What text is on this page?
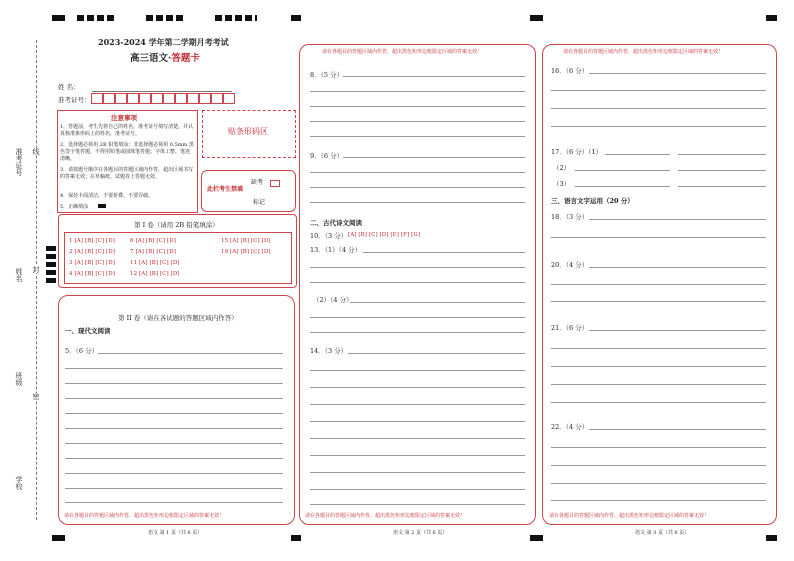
准考证号 线
姓名 封
班级
密
学校
2023-2024 学年第二学期月考考试
高三语文·答题卡
姓 名：
准考证号：
注意事项
1．答题前，考生先将自己的姓名，准考证号填写清楚，并认真核准条形码上的姓名、准考证号。
2．选择题必须用 2B 铅笔填涂；非选择题必须用 0.5mm 黑色签字笔答题，不得用铅笔或圆珠笔答题；字体工整、笔迹清晰。
3．请按题号顺序在各题目的答题区域内作答，超出区域书写的答案无效；在草稿纸、试题卷上答题无效。
4．保持卡面清洁，不要折叠、不要弄破。
5．正确填涂
贴条形码区
此栏考生禁填
缺考
标记
第 I 卷（请用 2B 铅笔填涂）
1 [A] [B] [C] [D]
2 [A] [B] [C] [D]
3 [A] [B] [C] [D]
4 [A] [B] [C] [D]
6 [A] [B] [C] [D]
7 [A] [B] [C] [D]
11 [A] [B] [C] [D]
12 [A] [B] [C] [D]
15 [A] [B] [C] [D]
19 [A] [B] [C] [D]
第 II 卷（请在各试题的答题区域内作答）
一、现代文阅读
5．（6 分）
请在各题目的答题区域内作答，超出黑色矩形边框限定区域的答案无效！
语文 第 1 页（共 6 页）
请在各题目的答题区域内作答，超出黑色矩形边框限定区域的答案无效！
8．（5 分）
9．（6 分）
二、古代诗文阅读
10．（3 分） [A] [B] [C] [D] [E] [F] [G]
13．（1）（4 分）
（2）（4 分）
14．（3 分）
请在各题目的答题区域内作答，超出黑色矩形边框限定区域的答案无效！
语文 第 2 页（共 6 页）
请在各题目的答题区域内作答，超出黑色矩形边框限定区域的答案无效！
16．（6 分）
17．（6 分）（1）
（2）
（3）
三、语言文字运用（20 分）
18．（3 分）
20．（4 分）
21．（6 分）
22．（4 分）
请在各题目的答题区域内作答，超出黑色矩形边框限定区域的答案无效！
语文 第 3 页（共 6 页）
